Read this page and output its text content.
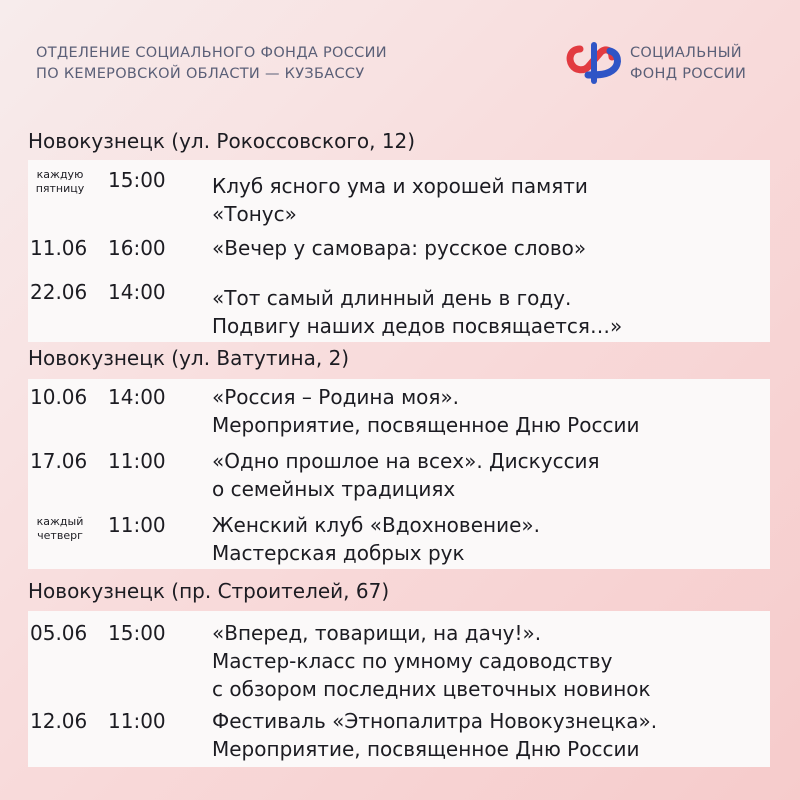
ОТДЕЛЕНИЕ СОЦИАЛЬНОГО ФОНДА РОССИИ
ПО КЕМЕРОВСКОЙ ОБЛАСТИ — КУЗБАССУ
СОЦИАЛЬНЫЙ
ФОНД РОССИИ
Новокузнецк (ул. Рокоссовского, 12)
каждую
пятницу	15:00 Клуб ясного ума и хорошей памяти
«Тонус»
11.06 16:00 «Вечер у самовара: русское слово»
22.06 14:00 «Тот самый длинный день в году.
Подвигу наших дедов посвящается…»
Новокузнецк (ул. Ватутина, 2)
10.06 14:00 «Россия – Родина моя».
Мероприятие, посвященное Дню России
17.06 11:00 «Одно прошлое на всех». Дискуссия
о семейных традициях
каждый
четверг	11:00 Женский клуб «Вдохновение».
Мастерская добрых рук
Новокузнецк (пр. Строителей, 67)
05.06 15:00 «Вперед, товарищи, на дачу!».
Мастер-класс по умному садоводству
с обзором последних цветочных новинок
12.06 11:00 Фестиваль «Этнопалитра Новокузнецка».
Мероприятие, посвященное Дню России
